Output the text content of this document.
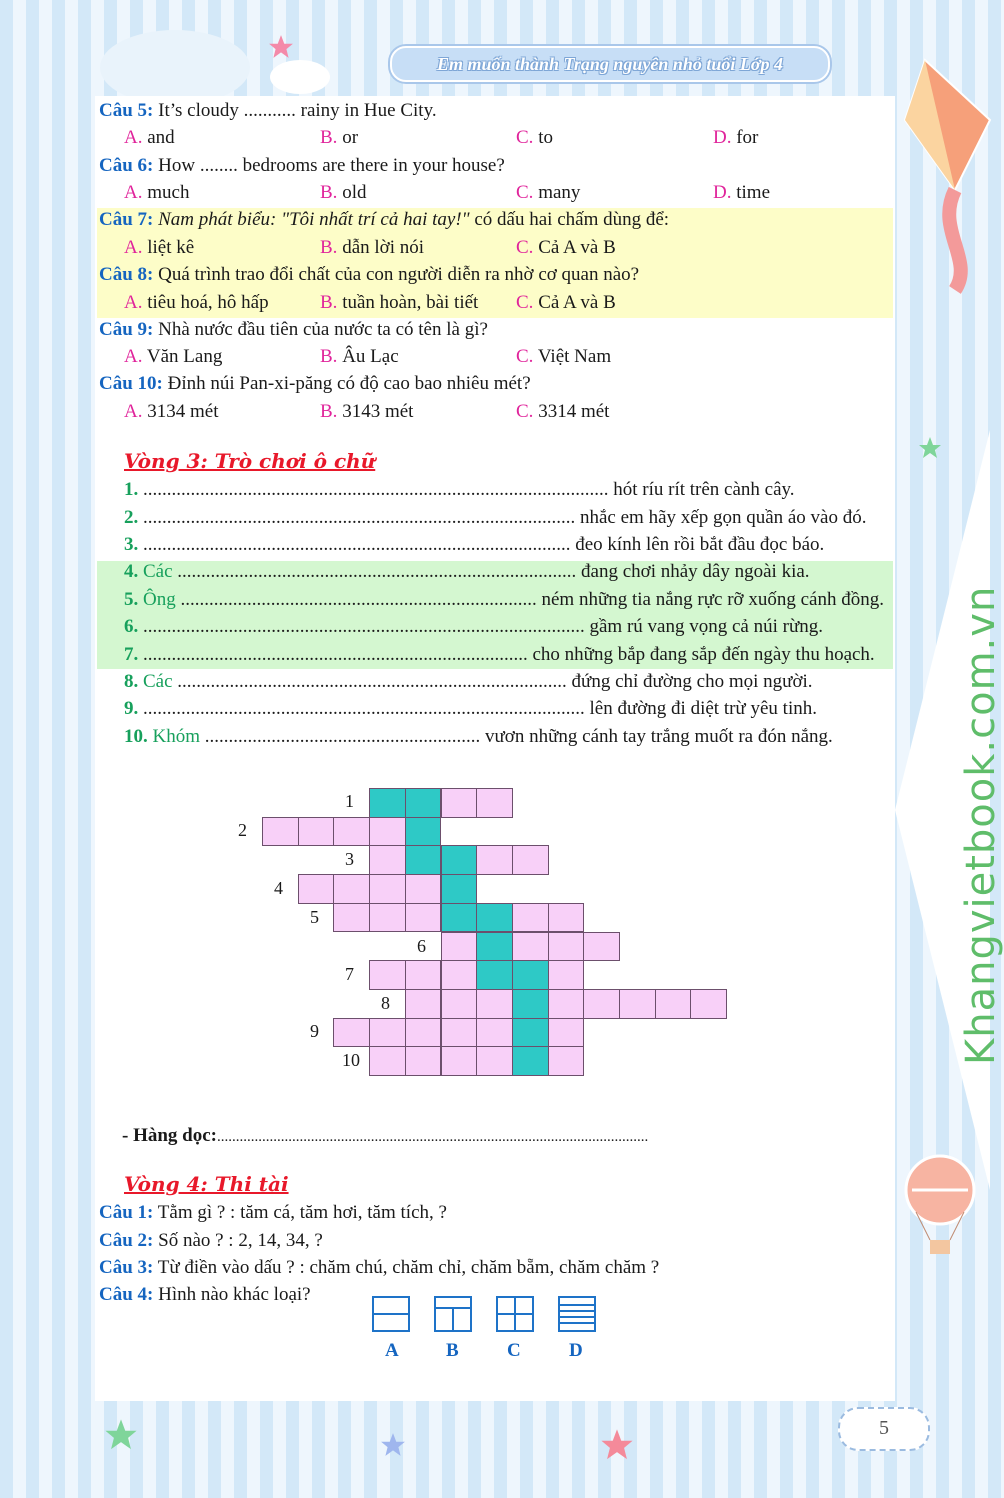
Em muốn thành Trạng nguyên nhỏ tuổi Lớp 4
Khangvietbook.com.vn
5
Câu 5: It’s cloudy ........... rainy in Hue City.
A. and	B. or	C. to	D. for
Câu 6: How ........ bedrooms are there in your house?
A. much	B. old	C. many	D. time
Câu 7: Nam phát biểu: "Tôi nhất trí cả hai tay!" có dấu hai chấm dùng để:
A. liệt kê	B. dẫn lời nói	C. Cả A và B
Câu 8: Quá trình trao đổi chất của con người diễn ra nhờ cơ quan nào?
A. tiêu hoá, hô hấp	B. tuần hoàn, bài tiết C. Cả A và B
Câu 9: Nhà nước đầu tiên của nước ta có tên là gì?
A. Văn Lang	B. Âu Lạc	C. Việt Nam
Câu 10: Đỉnh núi Pan-xi-păng có độ cao bao nhiêu mét?
A. 3134 mét	B. 3143 mét	C. 3314 mét
Vòng 3: Trò chơi ô chữ
1. .................................................................................................. hót ríu rít trên cành cây.
2. ........................................................................................... nhắc em hãy xếp gọn quần áo vào đó.
3. .......................................................................................... đeo kính lên rồi bắt đầu đọc báo.
4. Các .................................................................................... đang chơi nhảy dây ngoài kia.
5. Ông ........................................................................... ném những tia nắng rực rỡ xuống cánh đồng.
6. ............................................................................................. gầm rú vang vọng cả núi rừng.
7. ................................................................................. cho những bắp đang sắp đến ngày thu hoạch.
8. Các .................................................................................. đứng chỉ đường cho mọi người.
9. ............................................................................................. lên đường đi diệt trừ yêu tinh.
10. Khóm .......................................................... vươn những cánh tay trắng muốt ra đón nắng.
1
2
3
4
5
6
7
8
9
10
- Hàng dọc:...................................................................................................................
Vòng 4: Thi tài
Câu 1: Tằm gì ? : tăm cá, tăm hơi, tăm tích, ?
Câu 2: Số nào ? : 2, 14, 34, ?
Câu 3: Từ điền vào dấu ? : chăm chú, chăm chỉ, chăm bẵm, chăm chăm ?
Câu 4: Hình nào khác loại?
A B	C	D
